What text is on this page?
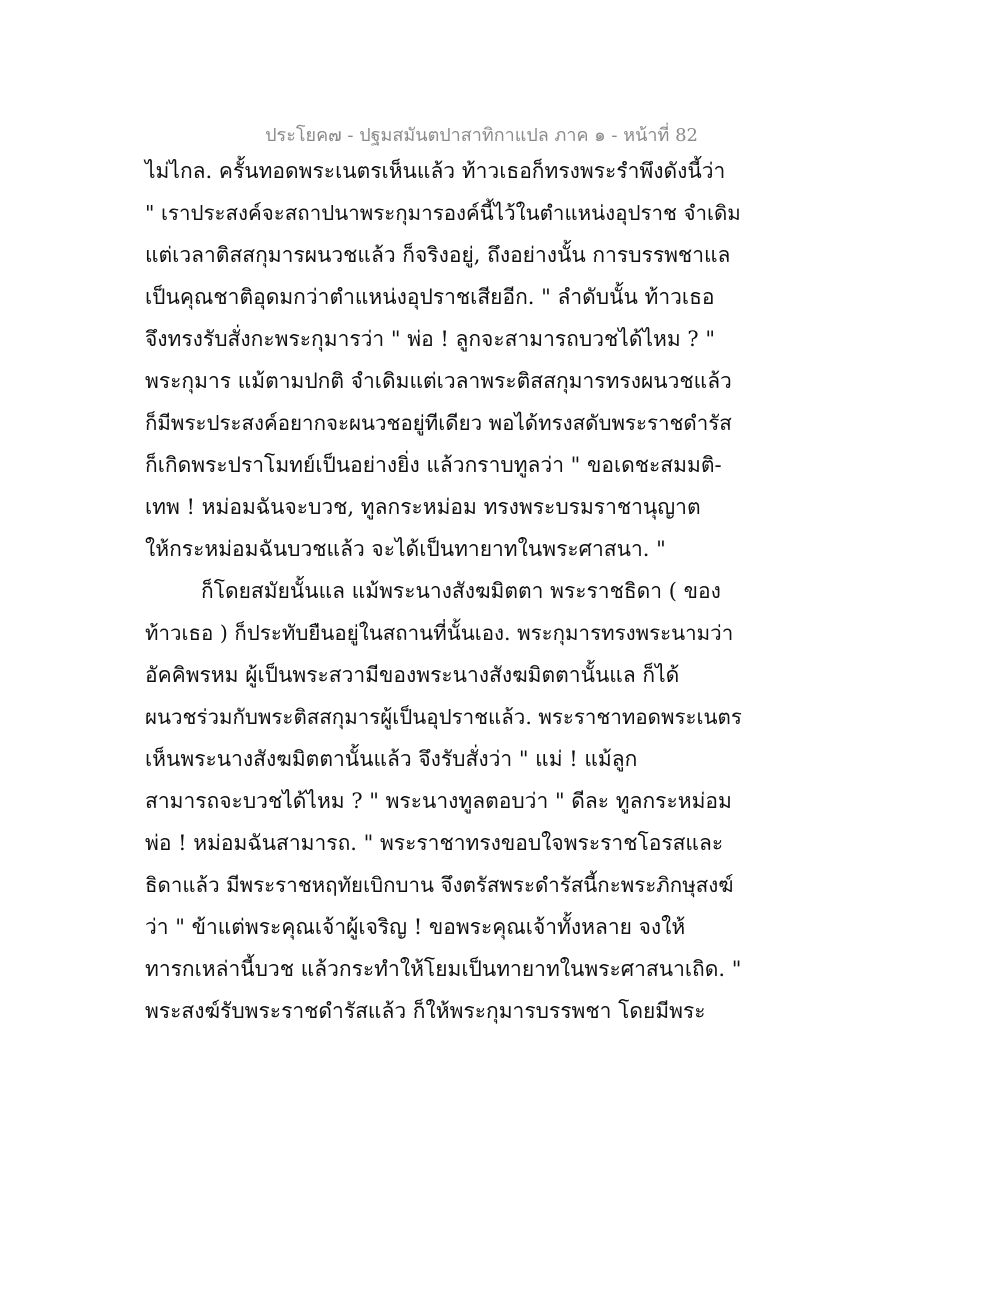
ประโยค๗ - ปฐมสมันตปาสาทิกาแปล ภาค ๑ - หน้าที่ 82
ไม่ไกล. ครั้นทอดพระเนตรเห็นแล้ว ท้าวเธอก็ทรงพระรำพึงดังนี้ว่า
" เราประสงค์จะสถาปนาพระกุมารองค์นี้ไว้ในตำแหน่งอุปราช จำเดิม
แต่เวลาติสสกุมารผนวชแล้ว ก็จริงอยู่, ถึงอย่างนั้น การบรรพชาแล
เป็นคุณชาติอุดมกว่าตำแหน่งอุปราชเสียอีก. " ลำดับนั้น ท้าวเธอ
จึงทรงรับสั่งกะพระกุมารว่า " พ่อ ! ลูกจะสามารถบวชได้ไหม ? "
พระกุมาร แม้ตามปกติ จำเดิมแต่เวลาพระติสสกุมารทรงผนวชแล้ว
ก็มีพระประสงค์อยากจะผนวชอยู่ทีเดียว พอได้ทรงสดับพระราชดำรัส
ก็เกิดพระปราโมทย์เป็นอย่างยิ่ง แล้วกราบทูลว่า " ขอเดชะสมมติ-
เทพ ! หม่อมฉันจะบวช, ทูลกระหม่อม ทรงพระบรมราชานุญาต
ให้กระหม่อมฉันบวชแล้ว จะได้เป็นทายาทในพระศาสนา. "
ก็โดยสมัยนั้นแล แม้พระนางสังฆมิตตา พระราชธิดา ( ของ
ท้าวเธอ ) ก็ประทับยืนอยู่ในสถานที่นั้นเอง. พระกุมารทรงพระนามว่า
อัคคิพรหม ผู้เป็นพระสวามีของพระนางสังฆมิตตานั้นแล ก็ได้
ผนวชร่วมกับพระติสสกุมารผู้เป็นอุปราชแล้ว. พระราชาทอดพระเนตร
เห็นพระนางสังฆมิตตานั้นแล้ว จึงรับสั่งว่า " แม่ ! แม้ลูก
สามารถจะบวชได้ไหม ? " พระนางทูลตอบว่า " ดีละ ทูลกระหม่อม
พ่อ ! หม่อมฉันสามารถ. " พระราชาทรงขอบใจพระราชโอรสและ
ธิดาแล้ว มีพระราชหฤทัยเบิกบาน จึงตรัสพระดำรัสนี้กะพระภิกษุสงฆ์
ว่า " ข้าแต่พระคุณเจ้าผู้เจริญ ! ขอพระคุณเจ้าทั้งหลาย จงให้
ทารกเหล่านี้บวช แล้วกระทำให้โยมเป็นทายาทในพระศาสนาเถิด. "
พระสงฆ์รับพระราชดำรัสแล้ว ก็ให้พระกุมารบรรพชา โดยมีพระ
